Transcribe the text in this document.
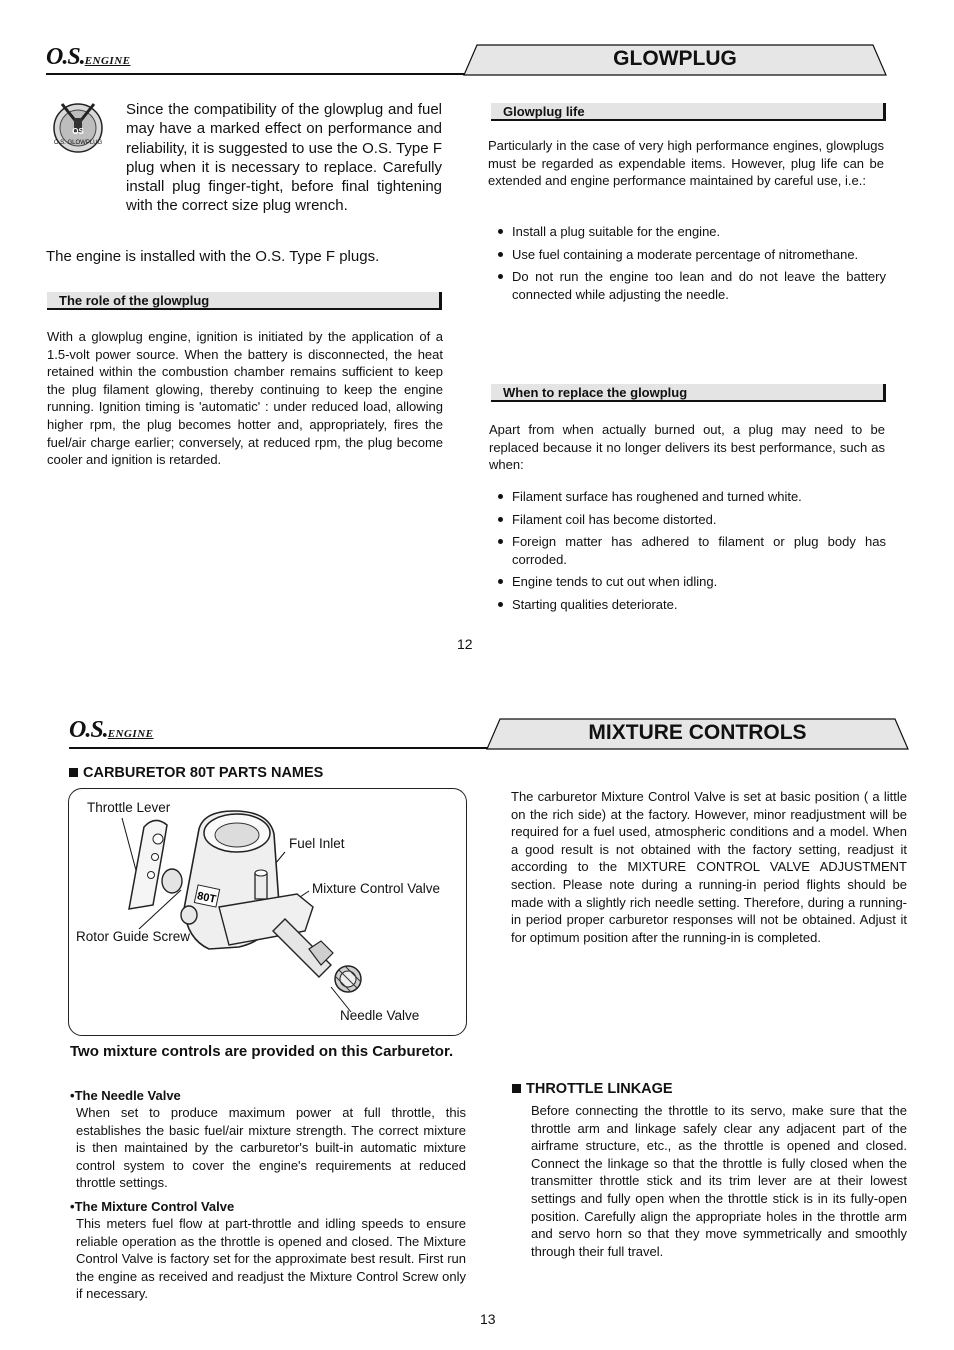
O.S.ENGINE	GLOWPLUG
OS
O.S. GLOWPLUG
Since the compatibility of the glowplug and fuel may have a marked effect on performance and reliability, it is suggested to use the O.S. Type F plug when it is necessary to replace. Carefully install plug finger-tight, before final tightening with the correct size plug wrench.
The engine is installed with the O.S. Type F plugs.
The role of the glowplug
With a glowplug engine, ignition is initiated by the application of a 1.5-volt power source. When the battery is disconnected, the heat retained within the combustion chamber remains sufficient to keep the plug filament glowing, thereby continuing to keep the engine running. Ignition timing is 'automatic' : under reduced load, allowing higher rpm, the plug becomes hotter and, appropriately, fires the fuel/air charge earlier; conversely, at reduced rpm, the plug become cooler and ignition is retarded.
Glowplug life
Particularly in the case of very high performance engines, glowplugs must be regarded as expendable items. However, plug life can be extended and engine performance maintained by careful use, i.e.:
Install a plug suitable for the engine.
Use fuel containing a moderate percentage of nitromethane.
Do not run the engine too lean and do not leave the battery connected while adjusting the needle.
When to replace the glowplug
Apart from when actually burned out, a plug may need to be replaced because it no longer delivers its best performance, such as when:
Filament surface has roughened and turned white.
Filament coil has become distorted.
Foreign matter has adhered to filament or plug body has corroded.
Engine tends to cut out when idling.
Starting qualities deteriorate.
12
O.S.ENGINE	MIXTURE CONTROLS
CARBURETOR 80T PARTS NAMES
80T
Throttle Lever
Fuel Inlet
Mixture Control Valve
Rotor Guide Screw
Needle Valve
Two mixture controls are provided on this Carburetor.
•The Needle Valve
When set to produce maximum power at full throttle, this establishes the basic fuel/air mixture strength. The correct mixture is then maintained by the carburetor's built-in automatic mixture control system to cover the engine's requirements at reduced throttle settings.
•The Mixture Control Valve
This meters fuel flow at part-throttle and idling speeds to ensure reliable operation as the throttle is opened and closed. The Mixture Control Valve is factory set for the approximate best result. First run the engine as received and readjust the Mixture Control Screw only if necessary.
The carburetor Mixture Control Valve is set at basic position ( a little on the rich side) at the factory. However, minor readjustment will be required for a fuel used, atmospheric conditions and a model. When a good result is not obtained with the factory setting, readjust it according to the MIXTURE CONTROL VALVE ADJUSTMENT section. Please note during a running-in period flights should be made with a slightly rich needle setting. Therefore, during a running-in period proper carburetor responses will not be obtained. Adjust it for optimum position after the running-in is completed.
THROTTLE LINKAGE
Before connecting the throttle to its servo, make sure that the throttle arm and linkage safely clear any adjacent part of the airframe structure, etc., as the throttle is opened and closed. Connect the linkage so that the throttle is fully closed when the transmitter throttle stick and its trim lever are at their lowest settings and fully open when the throttle stick is in its fully-open position. Carefully align the appropriate holes in the throttle arm and servo horn so that they move symmetrically and smoothly through their full travel.
13
